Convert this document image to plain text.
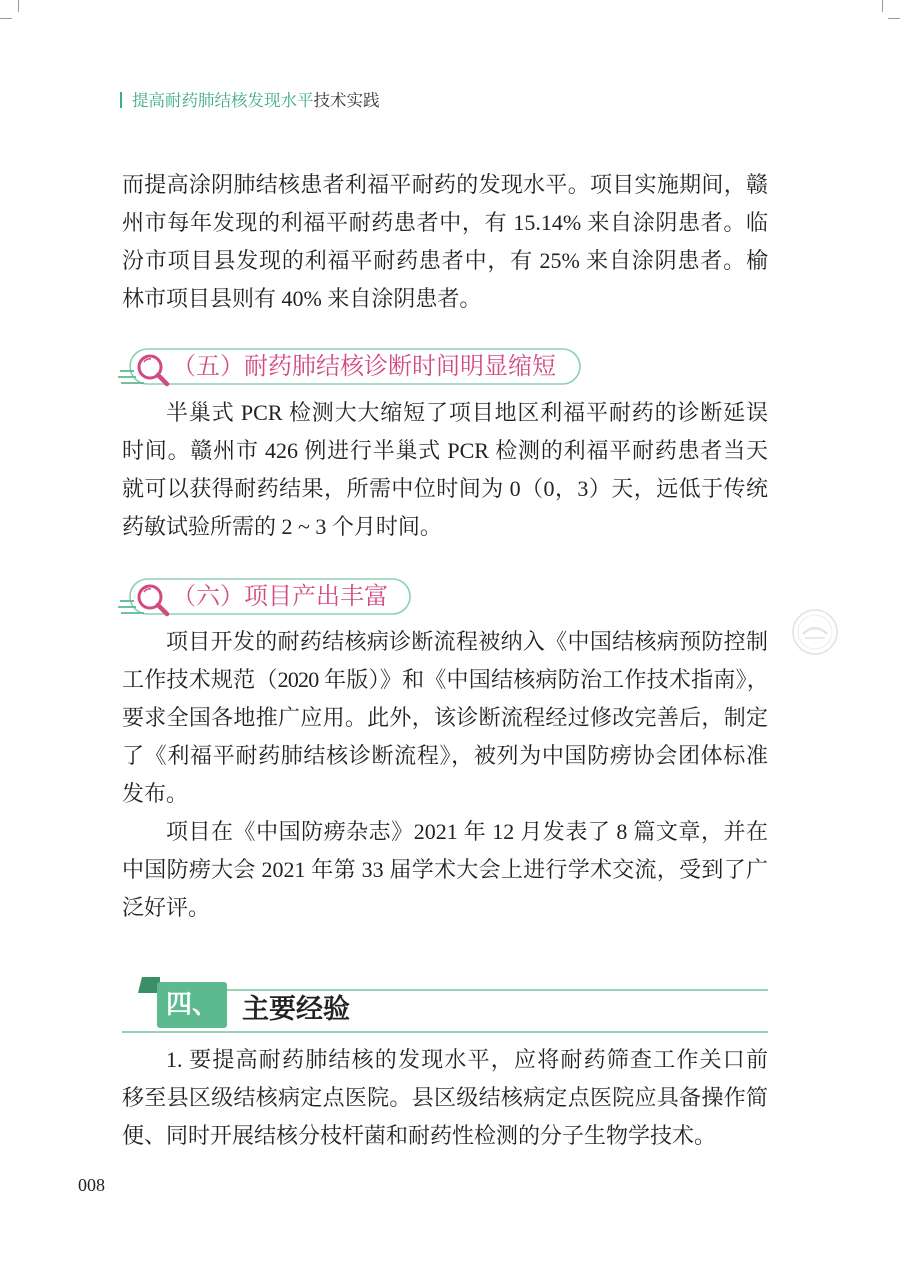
提高耐药肺结核发现水平技术实践
而提高涂阴肺结核患者利福平耐药的发现水平。项目实施期间，赣
州市每年发现的利福平耐药患者中，有 15.14% 来自涂阴患者。临
汾市项目县发现的利福平耐药患者中，有 25% 来自涂阴患者。榆
林市项目县则有 40% 来自涂阴患者。
（五）耐药肺结核诊断时间明显缩短
半巢式 PCR 检测大大缩短了项目地区利福平耐药的诊断延误
时间。赣州市 426 例进行半巢式 PCR 检测的利福平耐药患者当天
就可以获得耐药结果，所需中位时间为 0（0，3）天，远低于传统
药敏试验所需的 2 ~ 3 个月时间。
（六）项目产出丰富
项目开发的耐药结核病诊断流程被纳入《中国结核病预防控制
工作技术规范（2020 年版）》和《中国结核病防治工作技术指南》，
要求全国各地推广应用。此外，该诊断流程经过修改完善后，制定
了《利福平耐药肺结核诊断流程》，被列为中国防痨协会团体标准
发布。
项目在《中国防痨杂志》2021 年 12 月发表了 8 篇文章，并在
中国防痨大会 2021 年第 33 届学术大会上进行学术交流，受到了广
泛好评。
四、 主要经验
1. 要提高耐药肺结核的发现水平，应将耐药筛查工作关口前
移至县区级结核病定点医院。县区级结核病定点医院应具备操作简
便、同时开展结核分枝杆菌和耐药性检测的分子生物学技术。
008
